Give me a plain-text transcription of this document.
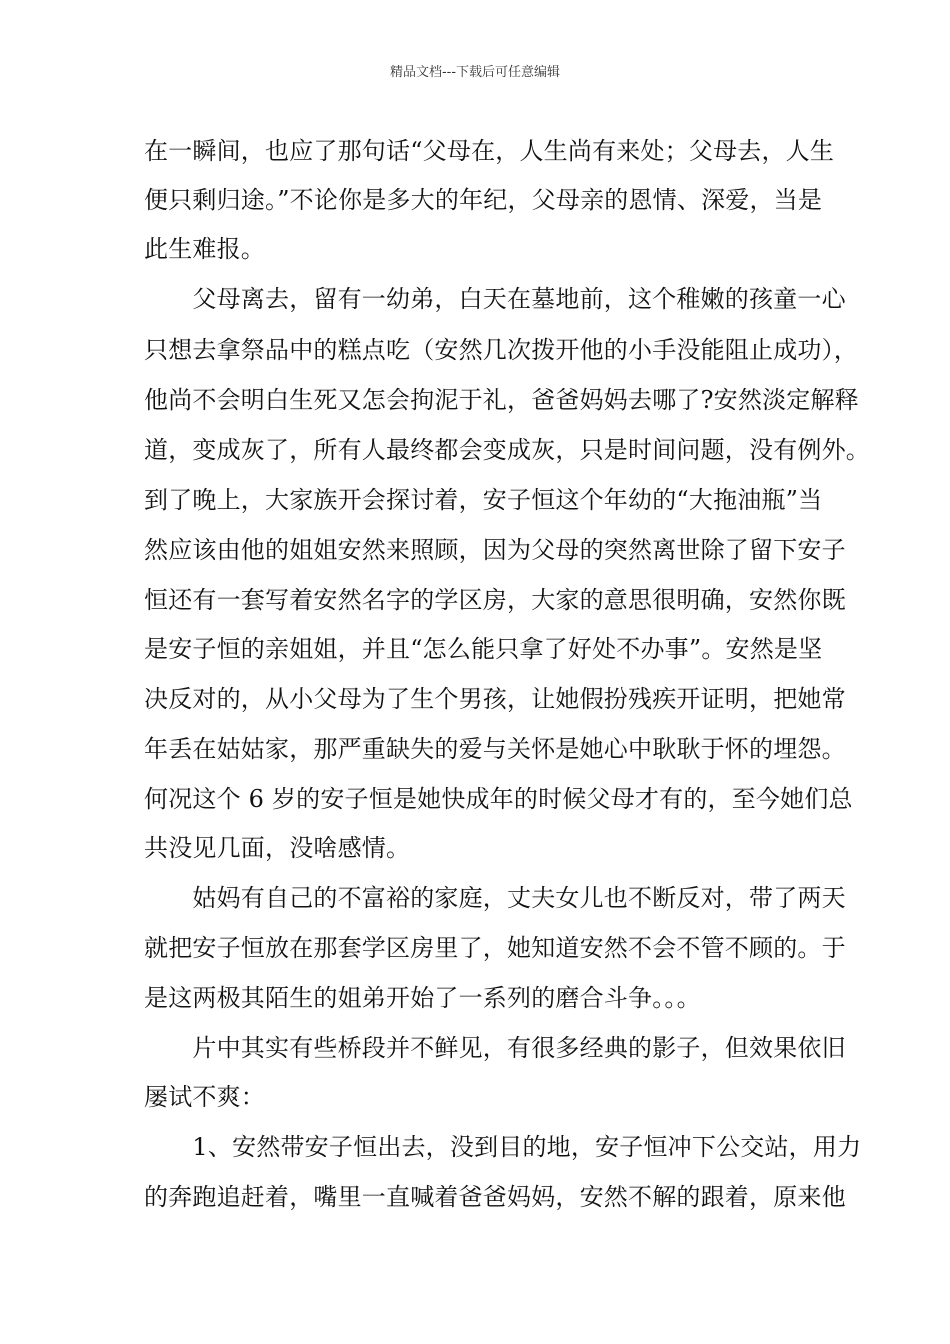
精品文档---下载后可任意编辑
在一瞬间，也应了那句话“父母在，人生尚有来处；父母去，人生
便只剩归途。”不论你是多大的年纪，父母亲的恩情、深爱，当是
此生难报。
　　父母离去，留有一幼弟，白天在墓地前，这个稚嫩的孩童一心
只想去拿祭品中的糕点吃（安然几次拨开他的小手没能阻止成功），
他尚不会明白生死又怎会拘泥于礼，爸爸妈妈去哪了?安然淡定解释
道，变成灰了，所有人最终都会变成灰，只是时间问题，没有例外。
到了晚上，大家族开会探讨着，安子恒这个年幼的“大拖油瓶”当
然应该由他的姐姐安然来照顾，因为父母的突然离世除了留下安子
恒还有一套写着安然名字的学区房，大家的意思很明确，安然你既
是安子恒的亲姐姐，并且“怎么能只拿了好处不办事”。安然是坚
决反对的，从小父母为了生个男孩，让她假扮残疾开证明，把她常
年丢在姑姑家，那严重缺失的爱与关怀是她心中耿耿于怀的埋怨。
何况这个 6 岁的安子恒是她快成年的时候父母才有的，至今她们总
共没见几面，没啥感情。
　　姑妈有自己的不富裕的家庭，丈夫女儿也不断反对，带了两天
就把安子恒放在那套学区房里了，她知道安然不会不管不顾的。于
是这两极其陌生的姐弟开始了一系列的磨合斗争。。。
　　片中其实有些桥段并不鲜见，有很多经典的影子，但效果依旧
屡试不爽：
　　1、安然带安子恒出去，没到目的地，安子恒冲下公交站，用力
的奔跑追赶着，嘴里一直喊着爸爸妈妈，安然不解的跟着，原来他
